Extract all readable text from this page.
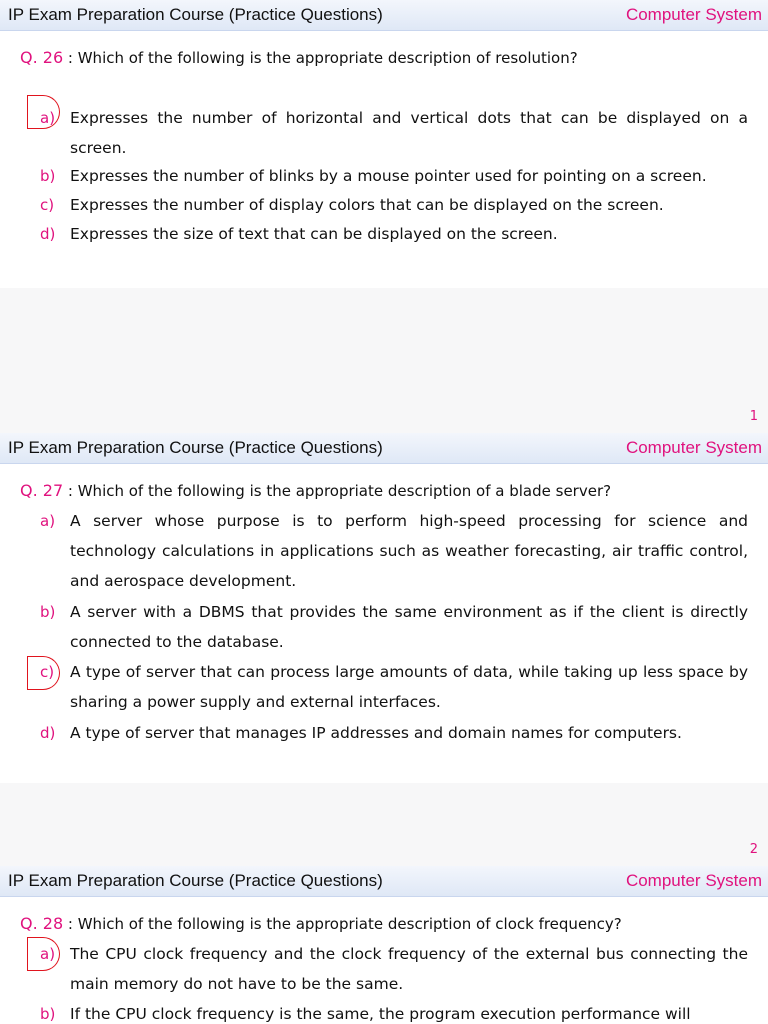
IP Exam Preparation Course (Practice Questions)	Computer System
Q. 26 : Which of the following is the appropriate description of resolution?
a) Expresses the number of horizontal and vertical dots that can be displayed on a screen.
b) Expresses the number of blinks by a mouse pointer used for pointing on a screen.
c) Expresses the number of display colors that can be displayed on the screen.
d) Expresses the size of text that can be displayed on the screen.
1
IP Exam Preparation Course (Practice Questions)	Computer System
Q. 27 : Which of the following is the appropriate description of a blade server?
a) A server whose purpose is to perform high-speed processing for science and technology calculations in applications such as weather forecasting, air traffic control, and aerospace development.
b) A server with a DBMS that provides the same environment as if the client is directly connected to the database.
c) A type of server that can process large amounts of data, while taking up less space by sharing a power supply and external interfaces.
d) A type of server that manages IP addresses and domain names for computers.
2
IP Exam Preparation Course (Practice Questions)	Computer System
Q. 28 : Which of the following is the appropriate description of clock frequency?
a) The CPU clock frequency and the clock frequency of the external bus connecting the main memory do not have to be the same.
b) If the CPU clock frequency is the same, the program execution performance will
